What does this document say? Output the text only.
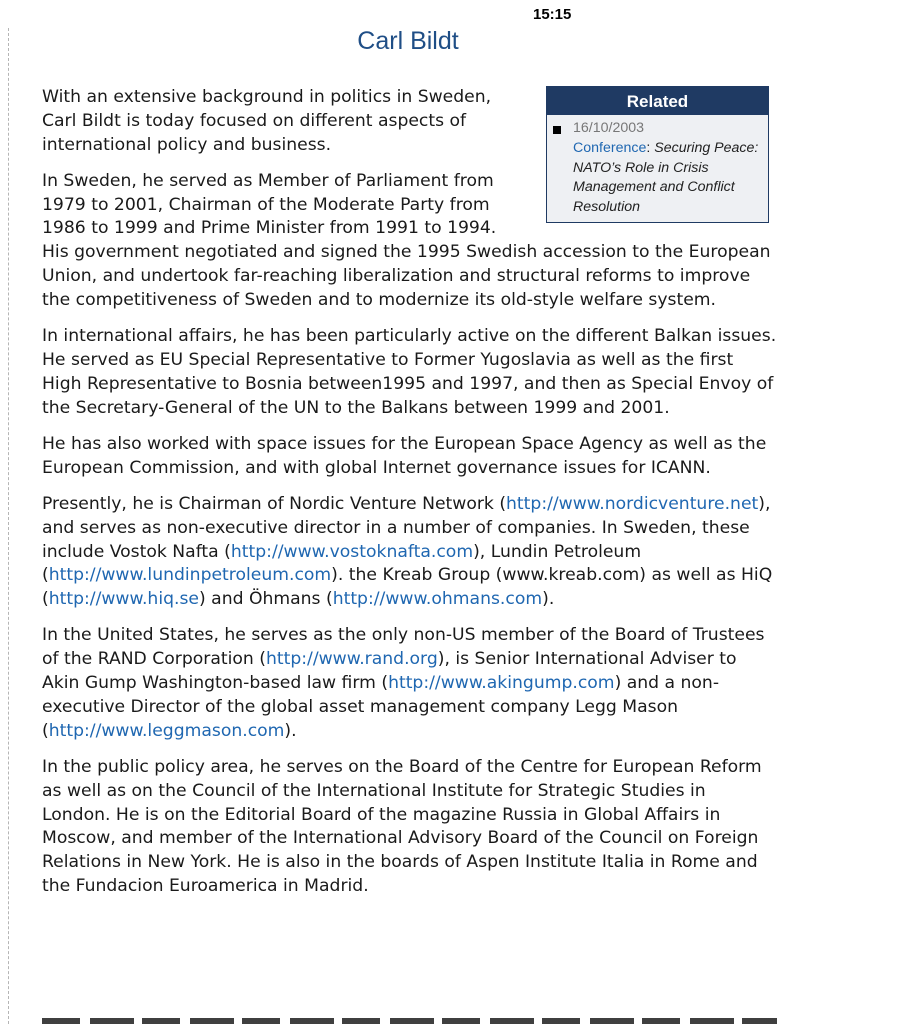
15:15
Carl Bildt
Related
16/10/2003
Conference: Securing Peace: NATO’s Role in Crisis Management and Conflict Resolution

With an extensive background in politics in Sweden, Carl Bildt is today focused on different aspects of international policy and business.

In Sweden, he served as Member of Parliament from 1979 to 2001, Chairman of the Moderate Party from 1986 to 1999 and Prime Minister from 1991 to 1994. His government negotiated and signed the 1995 Swedish accession to the European Union, and undertook far-reaching liberalization and structural reforms to improve the competitiveness of Sweden and to modernize its old-style welfare system.

In international affairs, he has been particularly active on the different Balkan issues. He served as EU Special Representative to Former Yugoslavia as well as the first High Representative to Bosnia between1995 and 1997, and then as Special Envoy of the Secretary-General of the UN to the Balkans between 1999 and 2001.

He has also worked with space issues for the European Space Agency as well as the European Commission, and with global Internet governance issues for ICANN.

Presently, he is Chairman of Nordic Venture Network (http://www.nordicventure.net), and serves as non-executive director in a number of companies. In Sweden, these include Vostok Nafta (http://www.vostoknafta.com), Lundin Petroleum (http://www.lundinpetroleum.com). the Kreab Group (www.kreab.com) as well as HiQ (http://www.hiq.se) and Öhmans (http://www.ohmans.com).

In the United States, he serves as the only non-US member of the Board of Trustees of the RAND Corporation (http://www.rand.org), is Senior International Adviser to Akin Gump Washington-based law firm (http://www.akingump.com) and a non-executive Director of the global asset management company Legg Mason (http://www.leggmason.com).

In the public policy area, he serves on the Board of the Centre for European Reform as well as on the Council of the International Institute for Strategic Studies in London. He is on the Editorial Board of the magazine Russia in Global Affairs in Moscow, and member of the International Advisory Board of the Council on Foreign Relations in New York. He is also in the boards of Aspen Institute Italia in Rome and the Fundacion Euroamerica in Madrid.
